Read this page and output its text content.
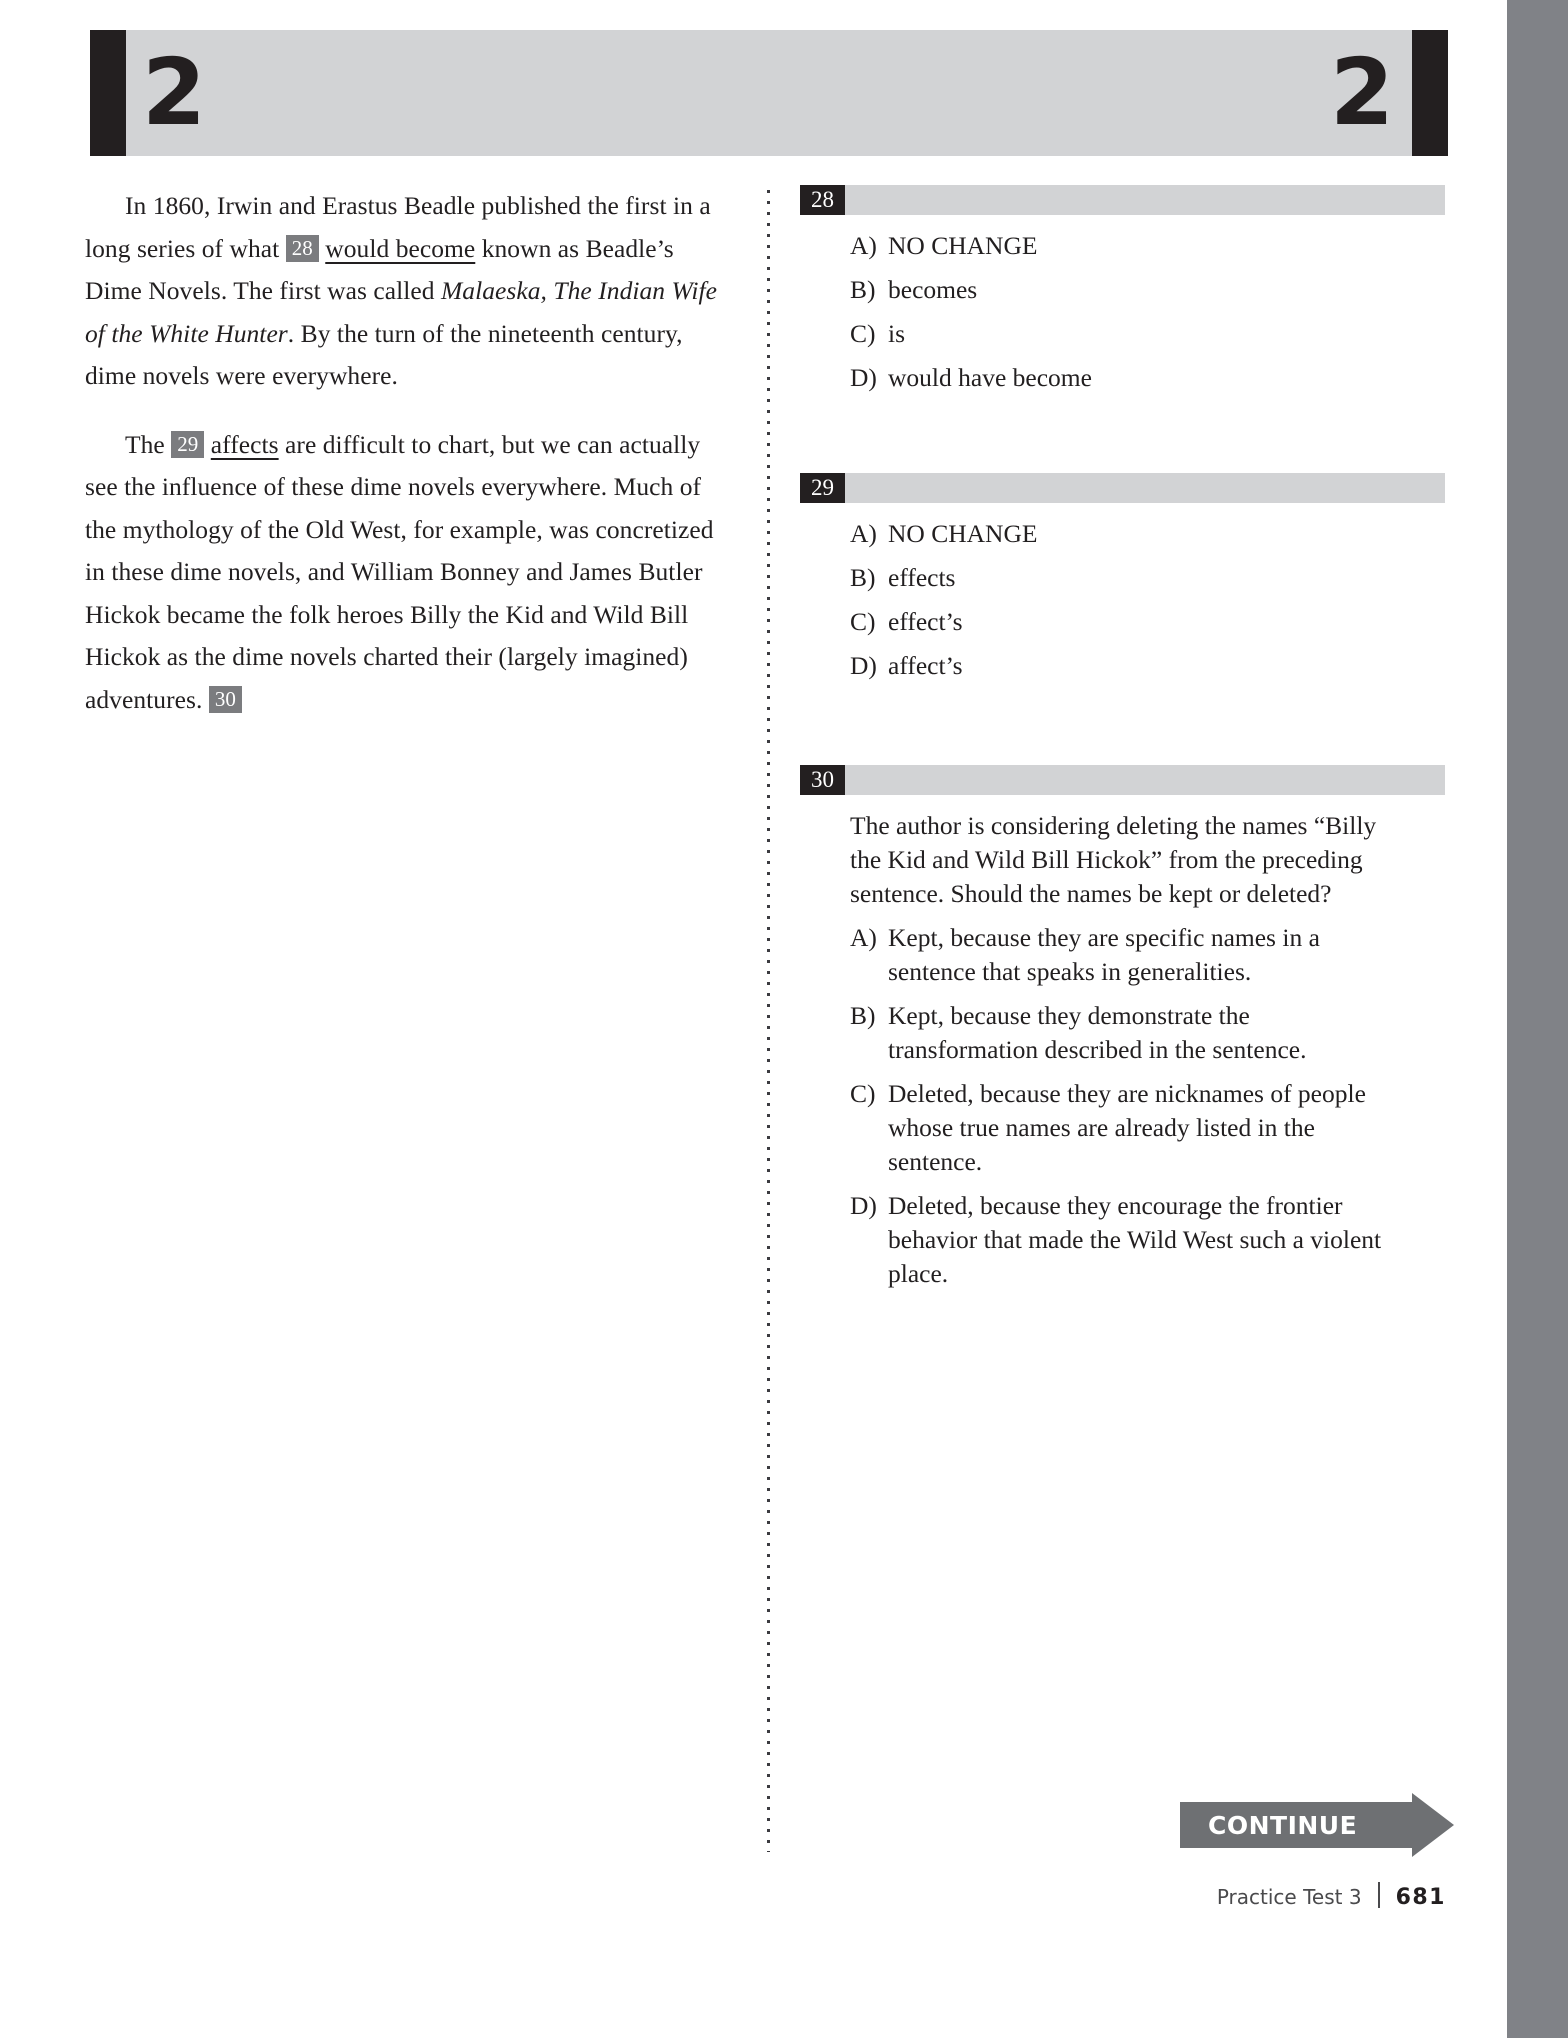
2	2

In 1860, Irwin and Erastus Beadle published the first in a long series of what 28 would become known as Beadle’s Dime Novels. The first was called Malaeska, The Indian Wife of the White Hunter. By the turn of the nineteenth century, dime novels were everywhere.

The 29 affects are difficult to chart, but we can actually see the influence of these dime novels everywhere. Much of the mythology of the Old West, for example, was concretized in these dime novels, and William Bonney and James Butler Hickok became the folk heroes Billy the Kid and Wild Bill Hickok as the dime novels charted their (largely imagined) adventures. 30

28
A) NO CHANGE
B) becomes
C) is
D) would have become
29
A) NO CHANGE
B) effects
C) effect’s
D) affect’s
30
The author is considering deleting the names “Billy the Kid and Wild Bill Hickok” from the preceding sentence. Should the names be kept or deleted?
A) Kept, because they are specific names in a sentence that speaks in generalities.
B) Kept, because they demonstrate the transformation described in the sentence.
C) Deleted, because they are nicknames of people whose true names are already listed in the sentence.
D) Deleted, because they encourage the frontier behavior that made the Wild West such a violent place.
CONTINUE
Practice Test 3 681
